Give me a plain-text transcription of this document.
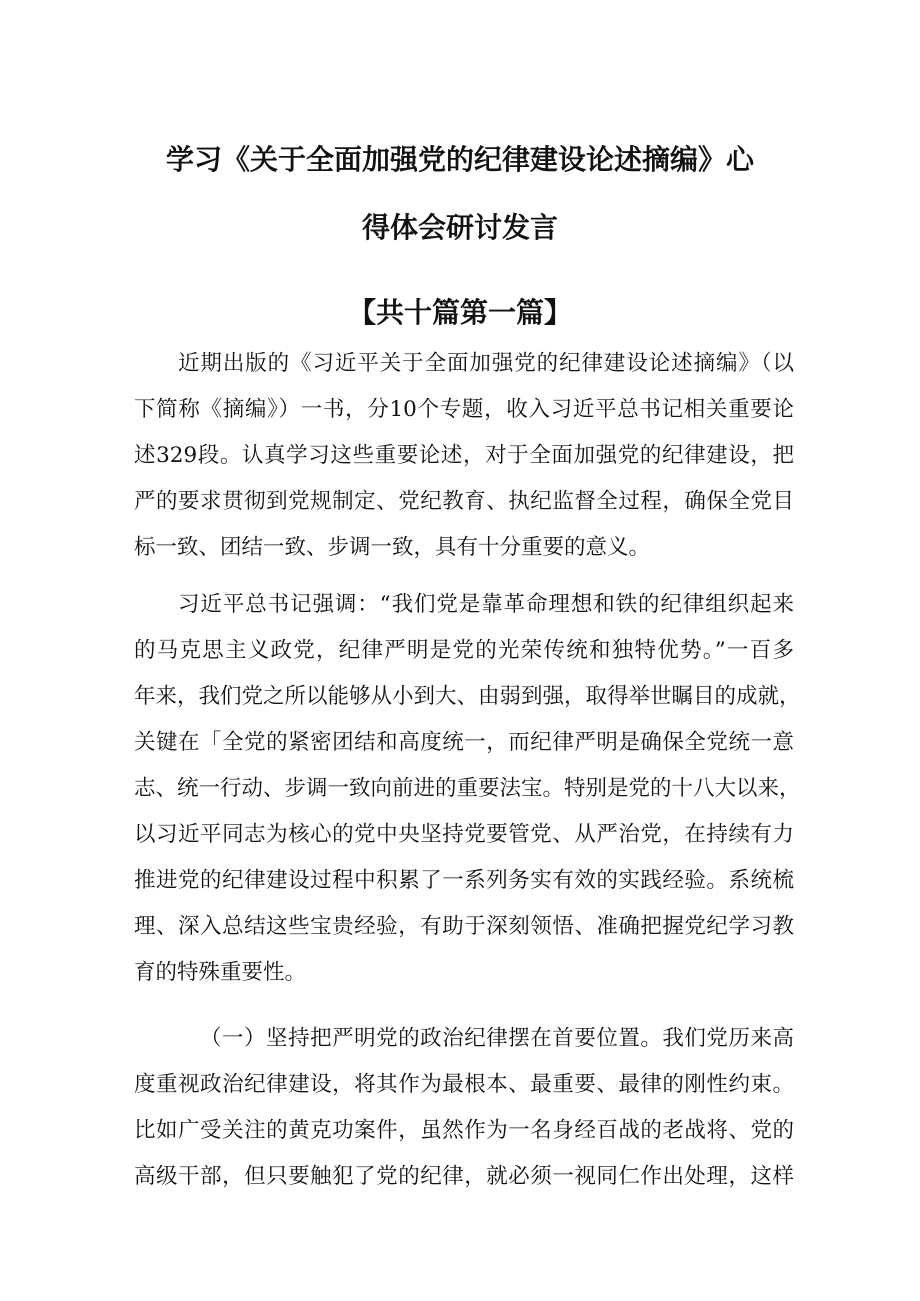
学习《关于全面加强党的纪律建设论述摘编》心
得体会研讨发言
【共十篇第一篇】
近期出版的《习近平关于全面加强党的纪律建设论述摘编》（以
下简称《摘编》）一书，分10个专题，收入习近平总书记相关重要论
述329段。认真学习这些重要论述，对于全面加强党的纪律建设，把
严的要求贯彻到党规制定、党纪教育、执纪监督全过程，确保全党目
标一致、团结一致、步调一致，具有十分重要的意义。
习近平总书记强调：“我们党是靠革命理想和铁的纪律组织起来
的马克思主义政党，纪律严明是党的光荣传统和独特优势。”一百多
年来，我们党之所以能够从小到大、由弱到强，取得举世瞩目的成就，
关键在「全党的紧密团结和高度统一，而纪律严明是确保全党统一意
志、统一行动、步调一致向前进的重要法宝。特别是党的十八大以来，
以习近平同志为核心的党中央坚持党要管党、从严治党，在持续有力
推进党的纪律建设过程中积累了一系列务实有效的实践经验。系统梳
理、深入总结这些宝贵经验，有助于深刻领悟、准确把握党纪学习教
育的特殊重要性。
（一）坚持把严明党的政治纪律摆在首要位置。我们党历来高
度重视政治纪律建设，将其作为最根本、最重要、最律的刚性约束。
比如广受关注的黄克功案件，虽然作为一名身经百战的老战将、党的
高级干部，但只要触犯了党的纪律，就必须一视同仁作出处理，这样
